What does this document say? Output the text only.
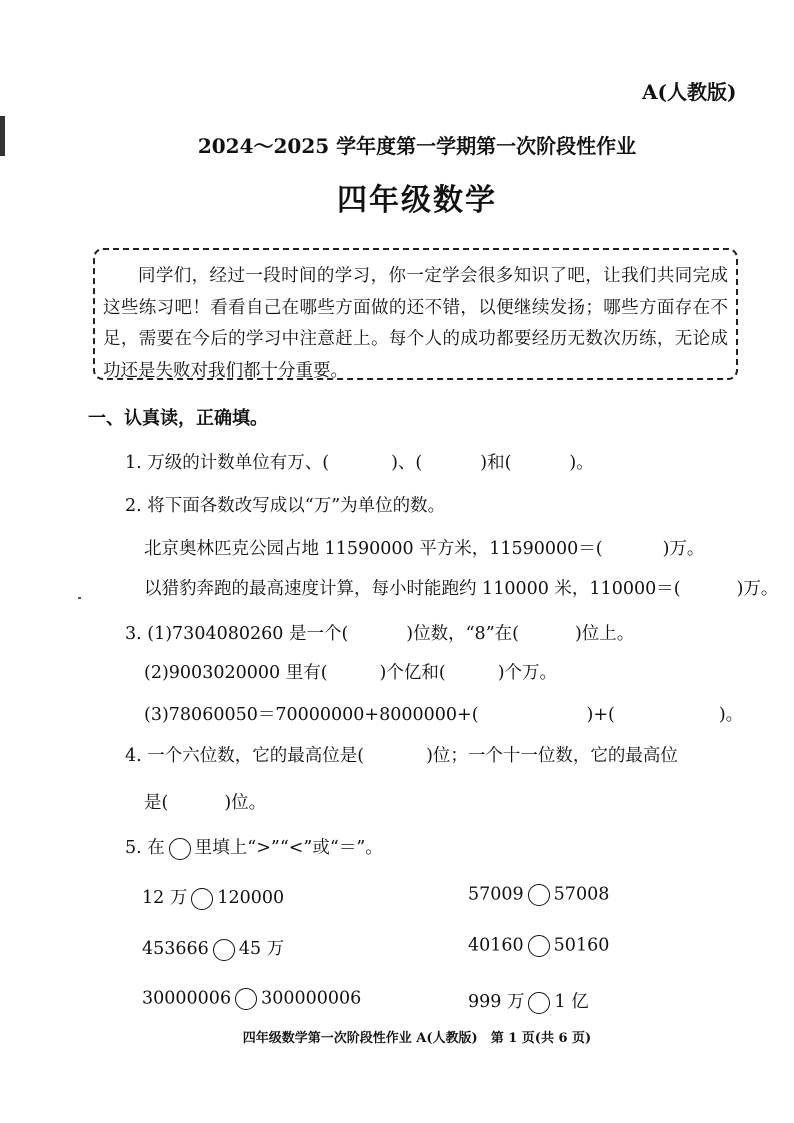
A(人教版)
2024～2025 学年度第一学期第一次阶段性作业
四年级数学

同学们，经过一段时间的学习，你一定学会很多知识了吧，让我们共同完成这些练习吧！看看自己在哪些方面做的还不错，以便继续发扬；哪些方面存在不足，需要在今后的学习中注意赶上。每个人的成功都要经历无数次历练，无论成功还是失败对我们都十分重要。

一、认真读，正确填。
1. 万级的计数单位有万、(	)、(	)和(	)。
2. 将下面各数改写成以“万”为单位的数。
北京奥林匹克公园占地 11590000 平方米，11590000＝(	)万。
以猎豹奔跑的最高速度计算，每小时能跑约 110000 米，110000＝(	)万。
3. (1)7304080260 是一个(	)位数，“8”在(	)位上。
(2)9003020000 里有(	)个亿和(	)个万。
(3)78060050＝70000000+8000000+(	)+(	)。
4. 一个六位数，它的最高位是(	)位；一个十一位数，它的最高位
是(	)位。
5. 在 里填上“>”“<”或“＝”。
12 万 120000	57009 57008
453666 45 万	40160 50160
30000006 300000006	999 万 1 亿
四年级数学第一次阶段性作业 A(人教版)　第 1 页(共 6 页)
